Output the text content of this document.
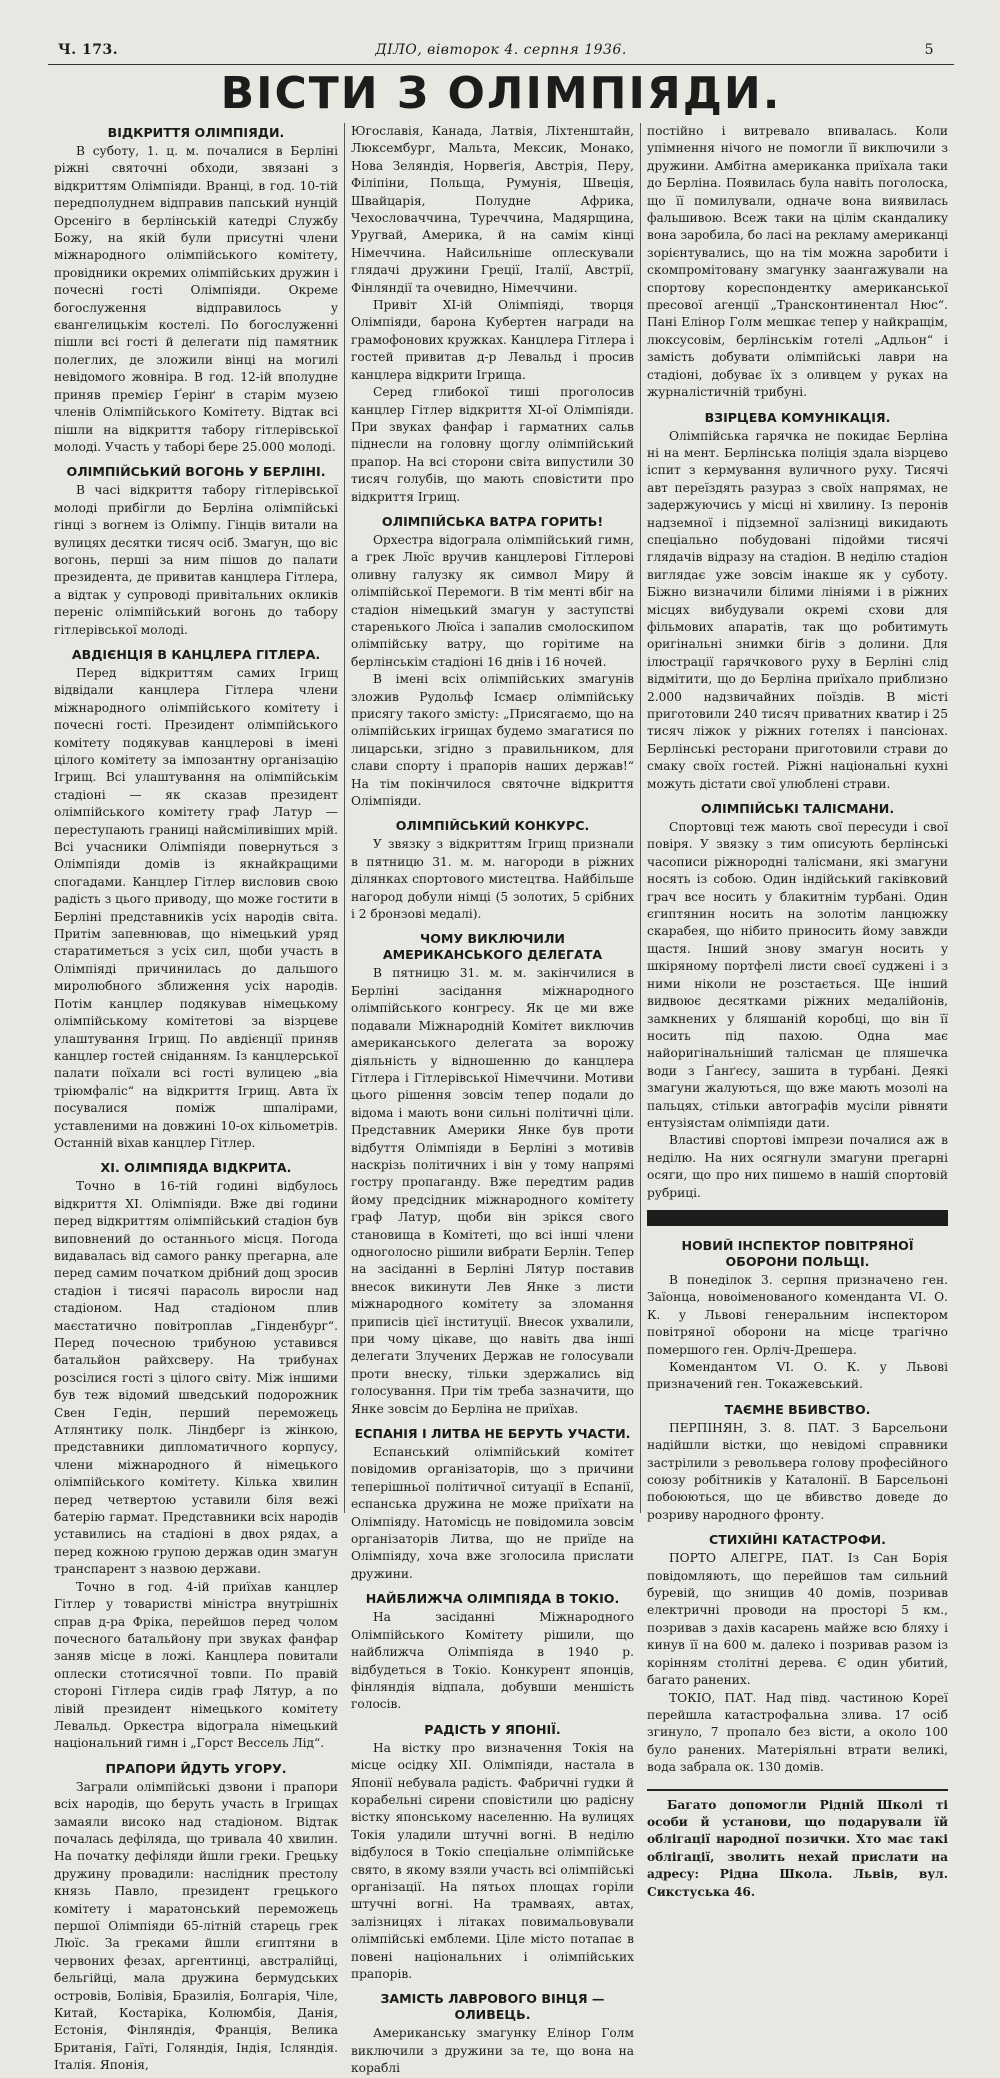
Ч. 173.	ДІЛО, вівторок 4. серпня 1936.	5
ВІСТИ З ОЛІМПІЯДИ.
ВІДКРИТТЯ ОЛІМПІЯДИ.

В суботу, 1. ц. м. почалися в Берліні ріжні святочні обходи, звязані з відкриттям Олімпіяди. Вранці, в год. 10-тій передполуднем відправив папський нунцій Орсеніго в берлінській катедрі Службу Божу, на якій були присутні члени міжнародного олімпійського комітету, провідники окремих олімпійських дружин і почесні гості Олімпіяди. Окреме богослуження відправилось у євангелицькім костелі. По богослуженні пішли всі гості й делегати під памятник полеглих, де зложили вінці на могилі невідомого жовніра. В год. 12-ій вполудне приняв премієр Ґерінґ в старім музею членів Олімпійського Комітету. Відтак всі пішли на відкриття табору гітлерівської молоді. Участь у таборі бере 25.000 молоді.

ОЛІМПІЙСЬКИЙ ВОГОНЬ У БЕРЛІНІ.

В часі відкриття табору гітлерівської молоді прибігли до Берліна олімпійські гінці з вогнем із Олімпу. Гінців витали на вулицях десятки тисяч осіб. Змагун, що віс вогонь, перші за ним пішов до палати президента, де привитав канцлера Гітлера, а відтак у супроводі привітальних окликів переніс олімпійський вогонь до табору гітлерівської молоді.

АВДІЄНЦІЯ В КАНЦЛЕРА ГІТЛЕРА.

Перед відкриттям самих Ігрищ відвідали канцлера Гітлера члени міжнародного олімпійського комітету і почесні гості. Президент олімпійського комітету подякував канцлерові в імені цілого комітету за імпозантну організацію Ігрищ. Всі улаштування на олімпійськім стадіоні — як сказав президент олімпійського комітету граф Латур — переступають границі найсміливіших мрій. Всі учасники Олімпіяди повернуться з Олімпіяди домів із якнайкращими спогадами. Канцлер Гітлер висловив свою радість з цього приводу, що може гостити в Берліні представників усіх народів світа. Притім запевнював, що німецький уряд старатиметься з усіх сил, щоби участь в Олімпіяді причинилась до дальшого миролюбного зближення усіх народів. Потім канцлер подякував німецькому олімпійському комітетові за візрцеве улаштування Ігрищ. По авдієнції приняв канцлер гостей сніданням. Із канцлерської палати поїхали всі гості вулицею „віа тріюмфаліс“ на відкриття Ігрищ. Авта їх посувалися поміж шпалірами, уставленими на довжині 10-ох кільометрів. Останній віхав канцлер Гітлер.

XI. ОЛІМПІЯДА ВІДКРИТА.

Точно в 16-тій годині відбулось відкриття XI. Олімпіяди. Вже дві години перед відкриттям олімпійський стадіон був виповнений до останнього місця. Погода видавалась від самого ранку прегарна, але перед самим початком дрібний дощ зросив стадіон і тисячі парасоль виросли над стадіоном. Над стадіоном плив маєстатично повітроплав „Гінденбург“. Перед почесною трибуною уставився батальйон райхсверу. На трибунах розсілися гості з цілого світу. Між іншими був теж відомий шведський подорожник Свен Гедін, перший переможець Атлянтику полк. Ліндберг із жінкою, представники дипломатичного корпусу, члени міжнародного й німецького олімпійського комітету. Кілька хвилин перед четвертою уставили біля вежі батерію гармат. Представники всіх народів уставились на стадіоні в двох рядах, а перед кожною групою держав один змагун транспарент з назвою держави.

Точно в год. 4-ій приїхав канцлер Гітлер у товаристві міністра внутрішніх справ д-ра Фріка, перейшов перед чолом почесного батальйону при звуках фанфар заняв місце в ложі. Канцлера повитали оплески стотисячної товпи. По правій стороні Гітлера сидів граф Лятур, а по лівій президент німецького комітету Левальд. Оркестра відограла німецький національний гимн і „Горст Вессель Лід“.

ПРАПОРИ ЙДУТЬ УГОРУ.

Заграли олімпійські дзвони і прапори всіх народів, що беруть участь в Ігрищах замаяли високо над стадіоном. Відтак почалась дефіляда, що тривала 40 хвилин. На початку дефіляди йшли греки. Грецьку дружину провадили: наслідник престолу князь Павло, президент грецького комітету і маратонський переможець першої Олімпіяди 65-літній старець грек Люїс. За греками йшли єгиптяни в червоних фезах, аргентинці, австралійці, бельгійці, мала дружина бермудських островів, Болівія, Бразилія, Болгарія, Чіле, Китай, Костаріка, Колюмбія, Данія, Естонія, Фінляндія, Франція, Велика Британія, Гаїті, Голяндія, Індія, Ісляндія. Італія. Японія,

Югославія, Канада, Латвія, Ліхтенштайн, Люксембург, Мальта, Мексик, Монако, Нова Зеляндія, Норвеґія, Австрія, Перу, Філіпіни, Польща, Румунія, Швеція, Швайцарія, Полудне Африка, Чехословаччина, Туреччина, Мадярщина, Уругвай, Америка, й на самім кінці Німеччина. Найсильніше оплескували глядачі дружини Греції, Італії, Австрії, Фінляндії та очевидно, Німеччини.

Привіт XI-ій Олімпіяді, творця Олімпіяди, барона Кубертен награди на грамофонових кружках. Канцлера Гітлера і гостей привитав д-р Левальд і просив канцлера відкрити Ігрища.

Серед глибокої тиші проголосив канцлер Гітлер відкриття XI-ої Олімпіяди. При звуках фанфар і гарматних сальв піднесли на головну щоглу олімпійський прапор. На всі сторони світа випустили 30 тисяч голубів, що мають сповістити про відкриття Ігрищ.

ОЛІМПІЙСЬКА ВАТРА ГОРИТЬ!

Орхестра відограла олімпійський гимн, а грек Люїс вручив канцлерові Гітлерові оливну галузку як символ Миру й олімпійської Перемоги. В тім менті вбіг на стадіон німецький змагун у заступстві старенького Люїса і запалив смолоскипом олімпійську ватру, що горітиме на берлінськім стадіоні 16 днів і 16 ночей.

В імені всіх олімпійських змагунів зложив Рудольф Ісмаєр олімпійську присягу такого змісту: „Присягаємо, що на олімпійських ігрищах будемо змагатися по лицарськи, згідно з правильником, для слави спорту і прапорів наших держав!“ На тім покінчилося святочне відкриття Олімпіяди.

ОЛІМПІЙСЬКИЙ КОНКУРС.

У звязку з відкриттям Ігрищ признали в пятницю 31. м. м. нагороди в ріжних ділянках спортового мистецтва. Найбільше нагород добули німці (5 золотих, 5 срібних і 2 бронзові медалі).

ЧОМУ ВИКЛЮЧИЛИ АМЕРИКАНСЬКОГО ДЕЛЕГАТА

В пятницю 31. м. м. закінчилися в Берліні засідання міжнародного олімпійського конгресу. Як це ми вже подавали Міжнародній Комітет виключив американського делегата за ворожу діяльність у відношенню до канцлера Гітлера і Гітлерівської Німеччини. Мотиви цього рішення зовсім тепер подали до відома і мають вони сильні політичні ціли. Представник Америки Янке був проти відбуття Олімпіяди в Берліні з мотивів наскрізь політичних і він у тому напрямі гостру пропаганду. Вже передтим радив йому предсідник міжнародного комітету граф Латур, щоби він зрікся свого становища в Комітеті, що всі інші члени одноголосно рішили вибрати Берлін. Тепер на засіданні в Берліні Лятур поставив внесок викинути Лев Янке з листи міжнародного комітету за зломання приписів цієї інституції. Внесок ухвалили, при чому цікаве, що навіть два інші делегати Злучених Держав не голосували проти внеску, тільки здержались від голосування. При тім треба зазначити, що Янке зовсім до Берліна не приїхав.

ЕСПАНІЯ І ЛИТВА НЕ БЕРУТЬ УЧАСТИ.

Еспанський олімпійський комітет повідомив організаторів, що з причини теперішньої політичної ситуації в Еспанії, еспанська дружина не може приїхати на Олімпіяду. Натомісць не повідомила зовсім організаторів Литва, що не приїде на Олімпіяду, хоча вже зголосила прислати дружини.

НАЙБЛИЖЧА ОЛІМПІЯДА В ТОКІО.

На засіданні Міжнародного Олімпійського Комітету рішили, що найближча Олімпіяда в 1940 р. відбудеться в Токіо. Конкурент японців, фінляндія відпала, добувши меншість голосів.

РАДІСТЬ У ЯПОНІЇ.

На вістку про визначення Токія на місце осідку XII. Олімпіяди, настала в Японії небувала радість. Фабричні гудки й корабельні сирени сповістили цю радісну вістку японському населенню. На вулицях Токія уладили штучні вогні. В неділю відбулося в Токіо спеціальне олімпійське свято, в якому взяли участь всі олімпійські організації. На пятьох площах горіли штучні вогні. На трамваях, автах, залізницях і літаках повимальовували олімпійські емблеми. Ціле місто потапає в повені національних і олімпійських прапорів.

ЗАМІСТЬ ЛАВРОВОГО ВІНЦЯ — ОЛИВЕЦЬ.

Американську змагунку Елінор Голм виключили з дружини за те, що вона на кораблі

постійно і витревало впивалась. Коли упімнення нічого не помогли її виключили з дружини. Амбітна американка приїхала таки до Берліна. Появилась була навіть поголоска, що її помилували, одначе вона виявилась фальшивою. Всеж таки на цілім скандалику вона заробила, бо ласі на рекламу американці зорієнтувались, що на тім можна заробити і скомпромітовану змагунку заангажували на спортову кореспондентку американської пресової агенції „Трансконтинентал Нюс“. Пані Елінор Голм мешкає тепер у найкращім, люксусовім, берлінськім готелі „Адльон“ і замість добувати олімпійські лаври на стадіоні, добуває їх з оливцем у руках на журналістичній трибуні.

ВЗІРЦЕВА КОМУНІКАЦІЯ.

Олімпійська гарячка не покидає Берліна ні на мент. Берлінська поліція здала візрцево іспит з кермування вуличного руху. Тисячі авт переїздять разураз з своїх напрямах, не задержуючись у місці ні хвилину. Із перонів надземної і підземної залізниці викидають спеціально побудовані підойми тисячі глядачів відразу на стадіон. В неділю стадіон виглядає уже зовсім інакше як у суботу. Біжно визначили білими лініями і в ріжних місцях вибудували окремі схови для фільмових апаратів, так що робитимуть оригінальні знимки бігів з долини. Для ілюстрації гарячкового руху в Берліні слід відмітити, що до Берліна приїхало приблизно 2.000 надзвичайних поїздів. В місті приготовили 240 тисяч приватних кватир і 25 тисяч ліжок у ріжних готелях і пансіонах. Берлінські ресторани приготовили страви до смаку своїх гостей. Ріжні національні кухні можуть дістати свої улюблені страви.

ОЛІМПІЙСЬКІ ТАЛІСМАНИ.

Спортовці теж мають свої пересуди і свої повіря. У звязку з тим описують берлінські часописи ріжнородні талісмани, які змагуни носять із собою. Один індійський гаківковий грач все носить у блакитнім турбані. Один єгиптянин носить на золотім ланцюжку скарабея, що нібито приносить йому завжди щастя. Інший знову змагун носить у шкіряному портфелі листи своєї суджені і з ними ніколи не розстається. Ще інший видвоює десятками ріжних медалійонів, замкнених у бляшаній коробці, що він її носить під пахою. Одна має найоригінальніший талісман це пляшечка води з Ґанґесу, зашита в турбані. Деякі змагуни жалуються, що вже мають мозолі на пальцях, стільки автографів мусіли рівняти ентузіястам олімпіяди дати.

Властиві спортові імпрези почалися аж в неділю. На них осягнули змагуни прегарні осяги, що про них пишемо в нашій спортовій рубриці.

НОВИЙ ІНСПЕКТОР ПОВІТРЯНОЇ ОБОРОНИ ПОЛЬЩІ.

В понеділок 3. серпня призначено ген. Заїонца, новоіменованого коменданта VI. О. К. у Львові генеральним інспектором повітряної оборони на місце трагічно помершого ген. Орліч-Дрешера.

Комендантом VI. О. К. у Львові призначений ген. Токажевський.

ТАЄМНЕ ВБИВСТВО.

ПЕРПІНЯН, 3. 8. ПАТ. З Барсельони надійшли вістки, що невідомі справники застрілили з револьвера голову професійного союзу робітників у Каталонії. В Барсельоні побоюються, що це вбивство доведе до розриву народного фронту.

СТИХІЙНІ КАТАСТРОФИ.

ПОРТО АЛЕГРЕ, ПАТ. Із Сан Борія повідомляють, що перейшов там сильний буревій, що знищив 40 домів, позривав електричні проводи на просторі 5 км., позривав з дахів касарень майже всю бляху і кинув її на 600 м. далеко і позривав разом із корінням столітні дерева. Є один убитий, багато ранених.

ТОКІО, ПАТ. Над півд. частиною Кореї перейшла катастрофальна злива. 17 осіб згинуло, 7 пропало без вісти, а около 100 було ранених. Матеріяльні втрати великі, вода забрала ок. 130 домів.

Багато допомогли Рідній Школі ті особи й установи, що подарували їй облігації народної позички. Хто має такі облігації, зволить нехай прислати на адресу: Рідна Школа. Львів, вул. Сикстуська 46.
